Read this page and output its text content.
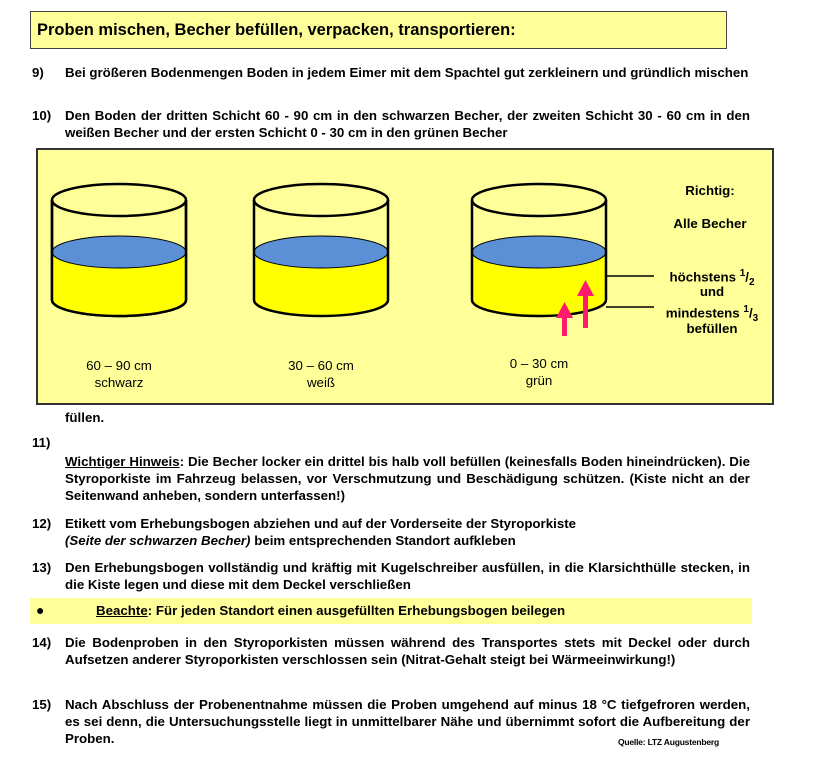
Proben mischen, Becher befüllen, verpacken, transportieren:
9) Bei größeren Bodenmengen Boden in jedem Eimer mit dem Spachtel gut zerkleinern und gründlich mischen
10) Den Boden der dritten Schicht 60 - 90 cm in den schwarzen Becher, der zweiten Schicht 30 - 60 cm in den weißen Becher und der ersten Schicht 0 - 30 cm in den grünen Becher
60 – 90 cm
schwarz
30 – 60 cm
weiß
0 – 30 cm
grün
Richtig:
Alle Becher
höchstens $^1/_2$
und
mindestens $^1/_3$
befüllen
füllen.
11)
Wichtiger Hinweis: Die Becher locker ein drittel bis halb voll befüllen (keinesfalls Boden hineindrücken). Die Styroporkiste im Fahrzeug belassen, vor Verschmutzung und Beschädigung schützen. (Kiste nicht an der Seitenwand anheben, sondern unterfassen!)
12) Etikett vom Erhebungsbogen abziehen und auf der Vorderseite der Styroporkiste
(Seite der schwarzen Becher) beim entsprechenden Standort aufkleben
13) Den Erhebungsbogen vollständig und kräftig mit Kugelschreiber ausfüllen, in die Klarsichthülle stecken, in die Kiste legen und diese mit dem Deckel verschließen
●	Beachte: Für jeden Standort einen ausgefüllten Erhebungsbogen beilegen
14) Die Bodenproben in den Styroporkisten müssen während des Transportes stets mit Deckel oder durch Aufsetzen anderer Styroporkisten verschlossen sein (Nitrat-Gehalt steigt bei Wärmeeinwirkung!)
15) Nach Abschluss der Probenentnahme müssen die Proben umgehend auf minus 18 °C tiefgefroren werden, es sei denn, die Untersuchungsstelle liegt in unmittelbarer Nähe und übernimmt sofort die Aufbereitung der Proben.	Quelle: LTZ Augustenberg
